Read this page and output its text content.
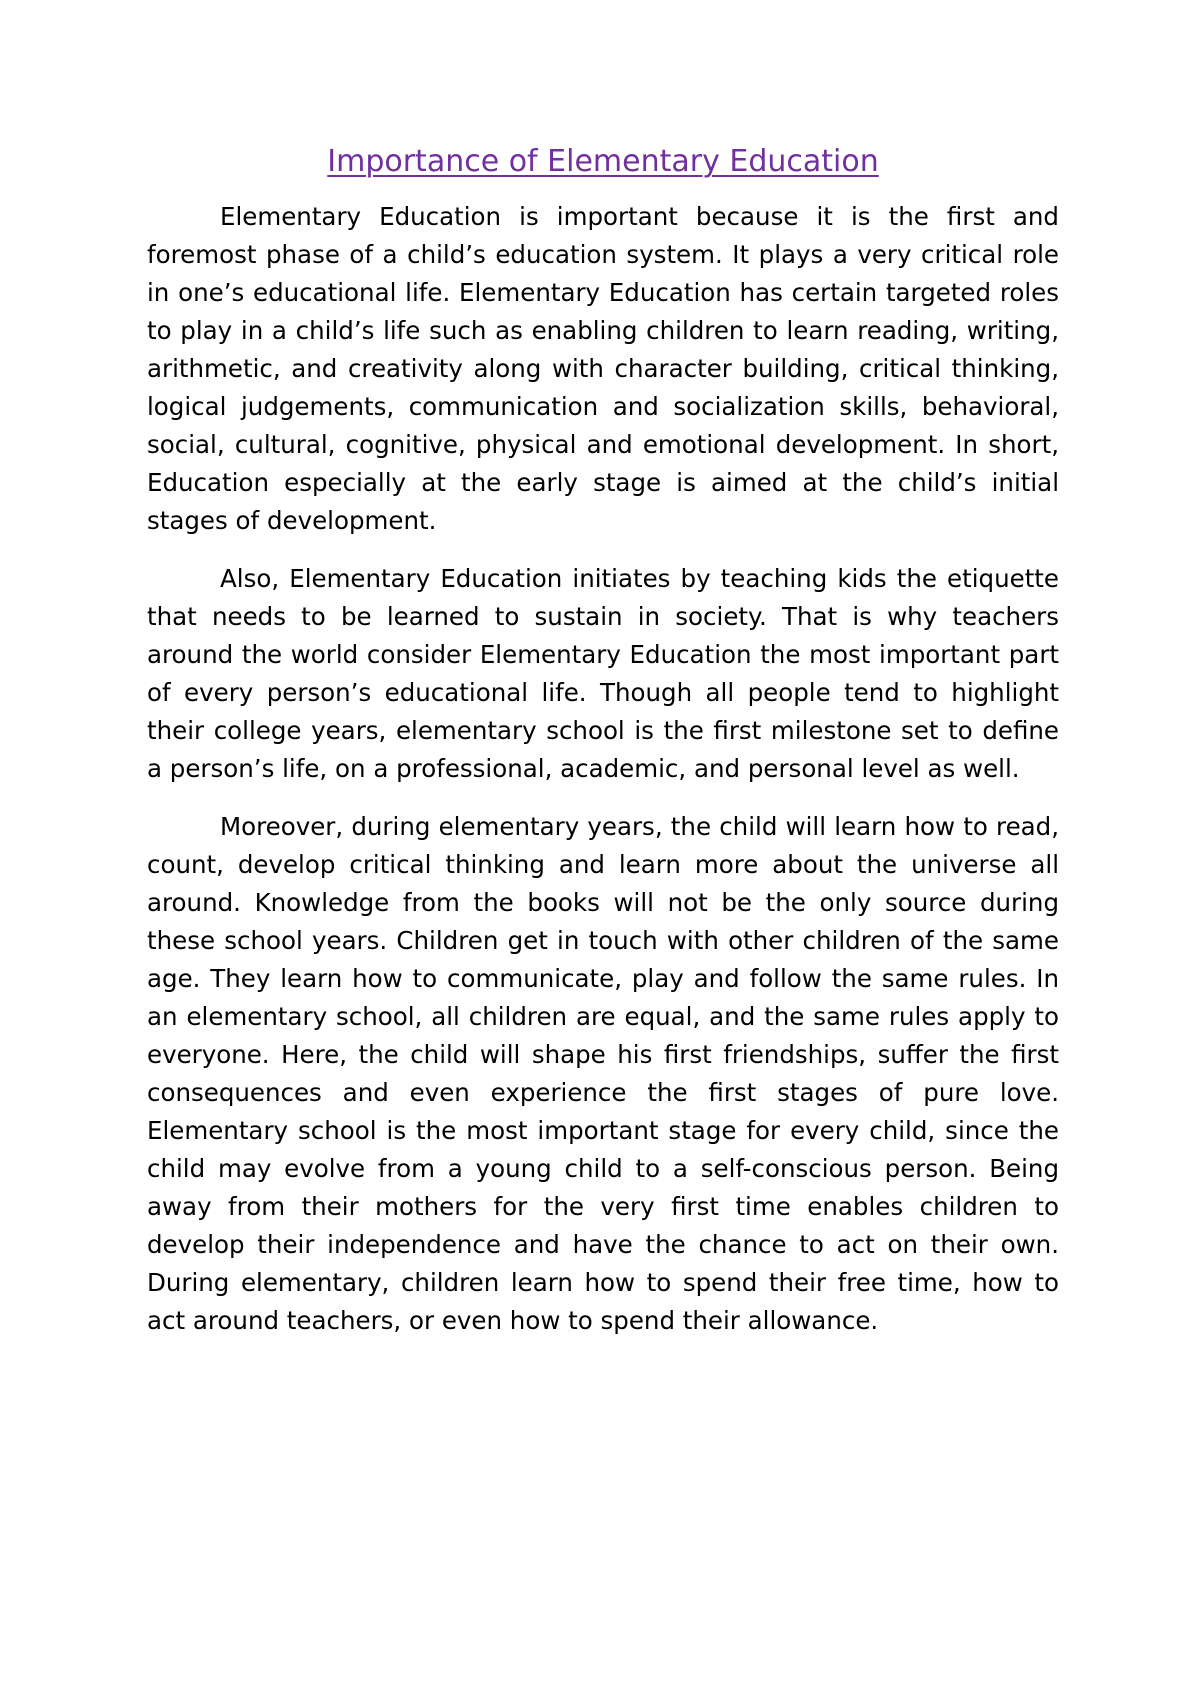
Importance of Elementary Education

Elementary Education is important because it is the first and foremost phase of a child’s education system. It plays a very critical role in one’s educational life. Elementary Education has certain targeted roles to play in a child’s life such as enabling children to learn reading, writing, arithmetic, and creativity along with character building, critical thinking, logical judgements, communication and socialization skills, behavioral, social, cultural, cognitive, physical and emotional development. In short, Education especially at the early stage is aimed at the child’s initial stages of development.

Also, Elementary Education initiates by teaching kids the etiquette that needs to be learned to sustain in society. That is why teachers around the world consider Elementary Education the most important part of every person’s educational life. Though all people tend to highlight their college years, elementary school is the first milestone set to define a person’s life, on a professional, academic, and personal level as well.

Moreover, during elementary years, the child will learn how to read, count, develop critical thinking and learn more about the universe all around. Knowledge from the books will not be the only source during these school years. Children get in touch with other children of the same age. They learn how to communicate, play and follow the same rules. In an elementary school, all children are equal, and the same rules apply to everyone. Here, the child will shape his first friendships, suffer the first consequences and even experience the first stages of pure love. Elementary school is the most important stage for every child, since the child may evolve from a young child to a self-conscious person. Being away from their mothers for the very first time enables children to develop their independence and have the chance to act on their own. During elementary, children learn how to spend their free time, how to act around teachers, or even how to spend their allowance.
